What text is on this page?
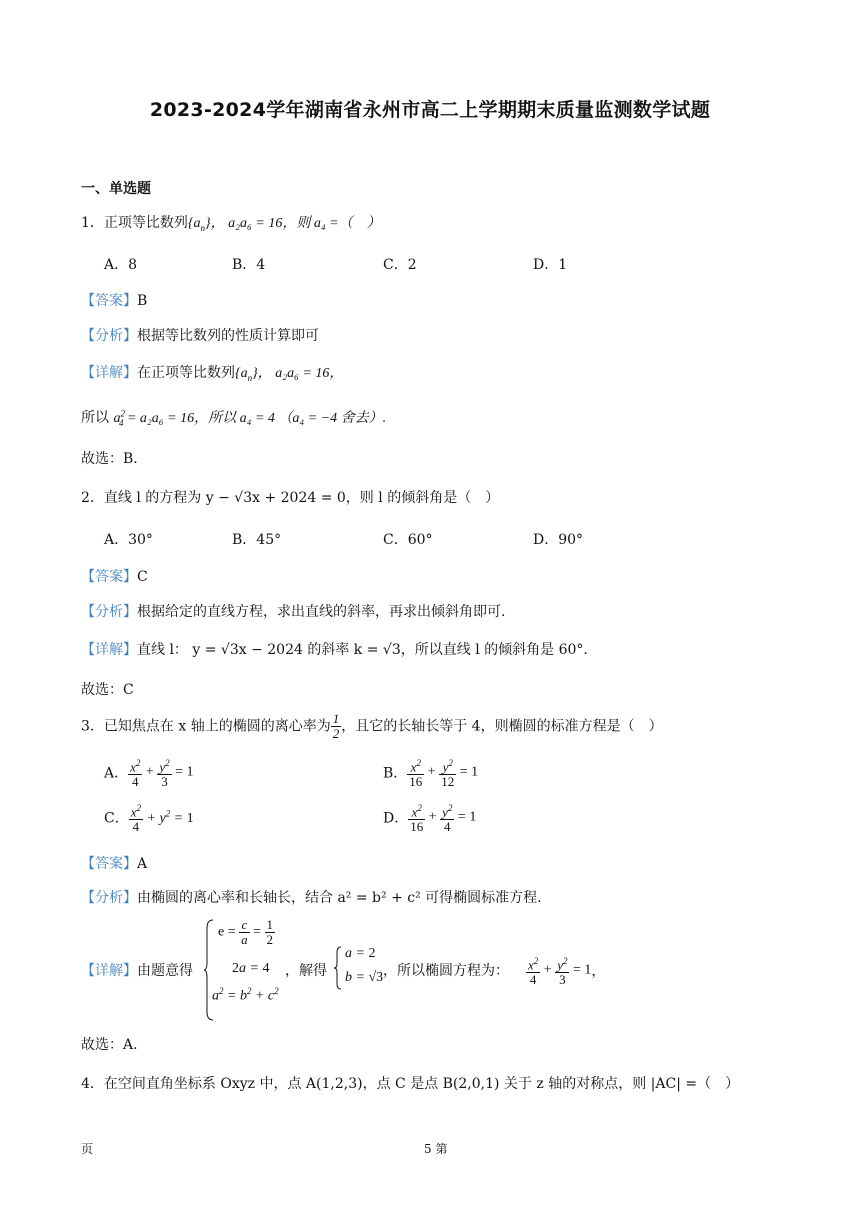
2023-2024学年湖南省永州市高二上学期期末质量监测数学试题
一、单选题
1．正项等比数列$\{a_n\}$， a₂a₆ = 16，则 a₄ =（　）
A．8	B．4	C．2	D．1
【答案】B
【分析】根据等比数列的性质计算即可
【详解】在正项等比数列$\{a_n\}$， a₂a₆ = 16，
所以 $a^2_4 = a_2a_6 = 16$，所以 a₄ = 4 （a₄ = −4 舍去）.
故选：B.
2．直线 l 的方程为 y − √3x + 2024 = 0，则 l 的倾斜角是（　）
A．30°	B．45°	C．60°	D．90°
【答案】C
【分析】根据给定的直线方程，求出直线的斜率，再求出倾斜角即可.
【详解】直线 l： y = √3x − 2024 的斜率 k = √3，所以直线 l 的倾斜角是 60°.
故选：C
3．已知焦点在 x 轴上的椭圆的离心率为 $\frac{1}{2}$ ，且它的长轴长等于 4，则椭圆的标准方程是（　）
A． $\frac{x^2}{4} + \frac{y^2}{3} = 1$	B． $\frac{x^2}{16} + \frac{y^2}{12} = 1$
C． $\frac{x^2}{4} + y^2 = 1$	D． $\frac{x^2}{16} + \frac{y^2}{4} = 1$
【答案】A
【分析】由椭圆的离心率和长轴长，结合 a² = b² + c² 可得椭圆标准方程.
【详解】由题意得
$e = \frac{c}{a} = \frac{1}{2}$
2a = 4
$a^2 = b^2 + c^2$
，解得
a = 2
b = √3 ，所以椭圆方程为： $\frac{x^2}{4} + \frac{y^2}{3} = 1$，
故选：A.
4．在空间直角坐标系 Oxyz 中，点 A(1,2,3)，点 C 是点 B(2,0,1) 关于 z 轴的对称点，则 |AC| =（　）
页	5 第
